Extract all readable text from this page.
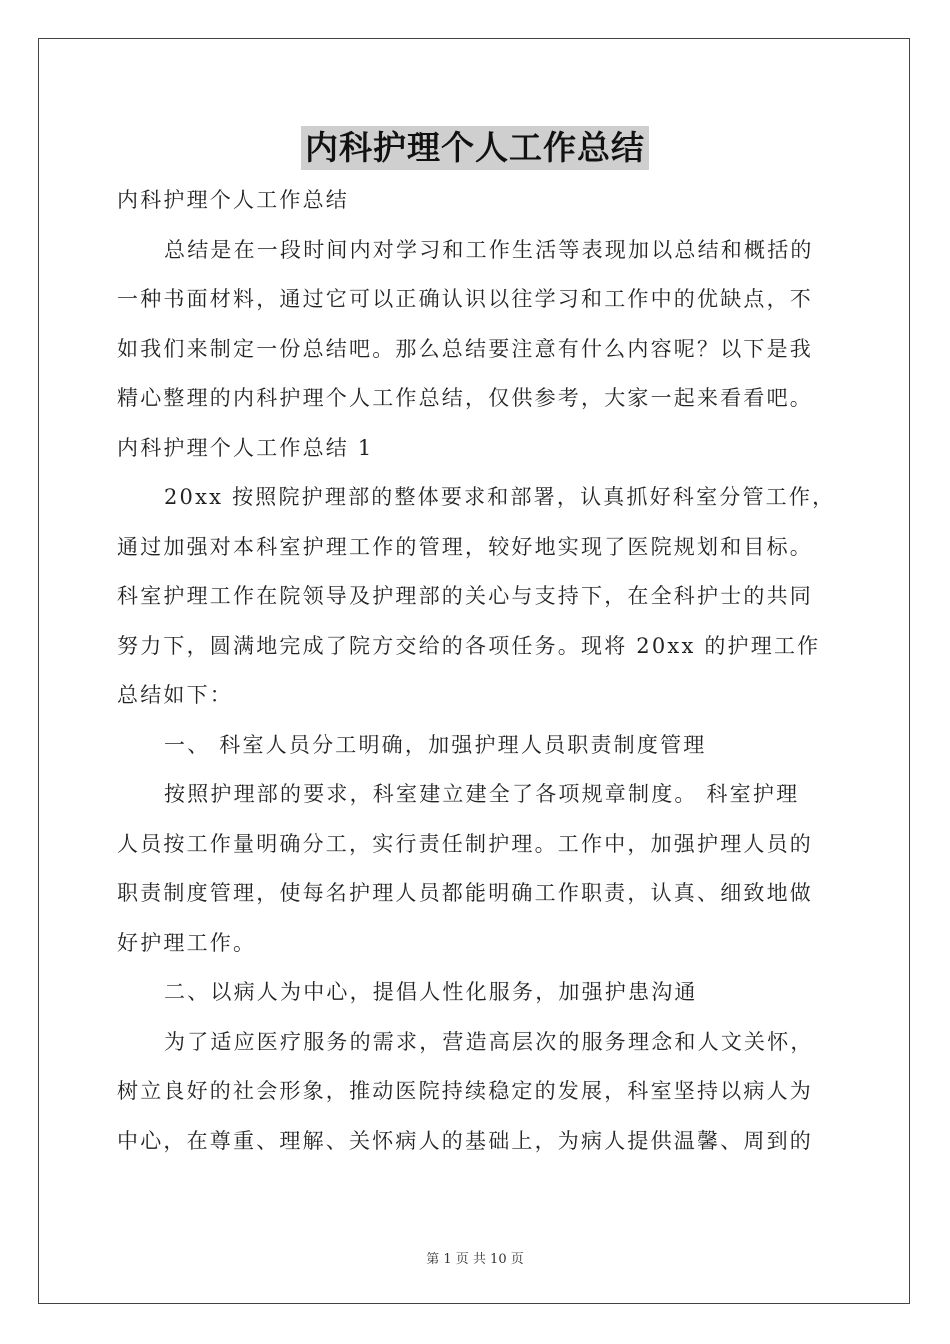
内科护理个人工作总结
内科护理个人工作总结
总结是在一段时间内对学习和工作生活等表现加以总结和概括的
一种书面材料，通过它可以正确认识以往学习和工作中的优缺点，不
如我们来制定一份总结吧。那么总结要注意有什么内容呢？以下是我
精心整理的内科护理个人工作总结，仅供参考，大家一起来看看吧。
内科护理个人工作总结 1
20xx 按照院护理部的整体要求和部署，认真抓好科室分管工作，
通过加强对本科室护理工作的管理，较好地实现了医院规划和目标。
科室护理工作在院领导及护理部的关心与支持下，在全科护士的共同
努力下，圆满地完成了院方交给的各项任务。现将 20xx 的护理工作
总结如下：
一、 科室人员分工明确，加强护理人员职责制度管理
按照护理部的要求，科室建立建全了各项规章制度。 科室护理
人员按工作量明确分工，实行责任制护理。工作中，加强护理人员的
职责制度管理，使每名护理人员都能明确工作职责，认真、细致地做
好护理工作。
二、以病人为中心，提倡人性化服务，加强护患沟通
为了适应医疗服务的需求，营造高层次的服务理念和人文关怀，
树立良好的社会形象，推动医院持续稳定的发展，科室坚持以病人为
中心，在尊重、理解、关怀病人的基础上，为病人提供温馨、周到的
第 1 页 共 10 页
